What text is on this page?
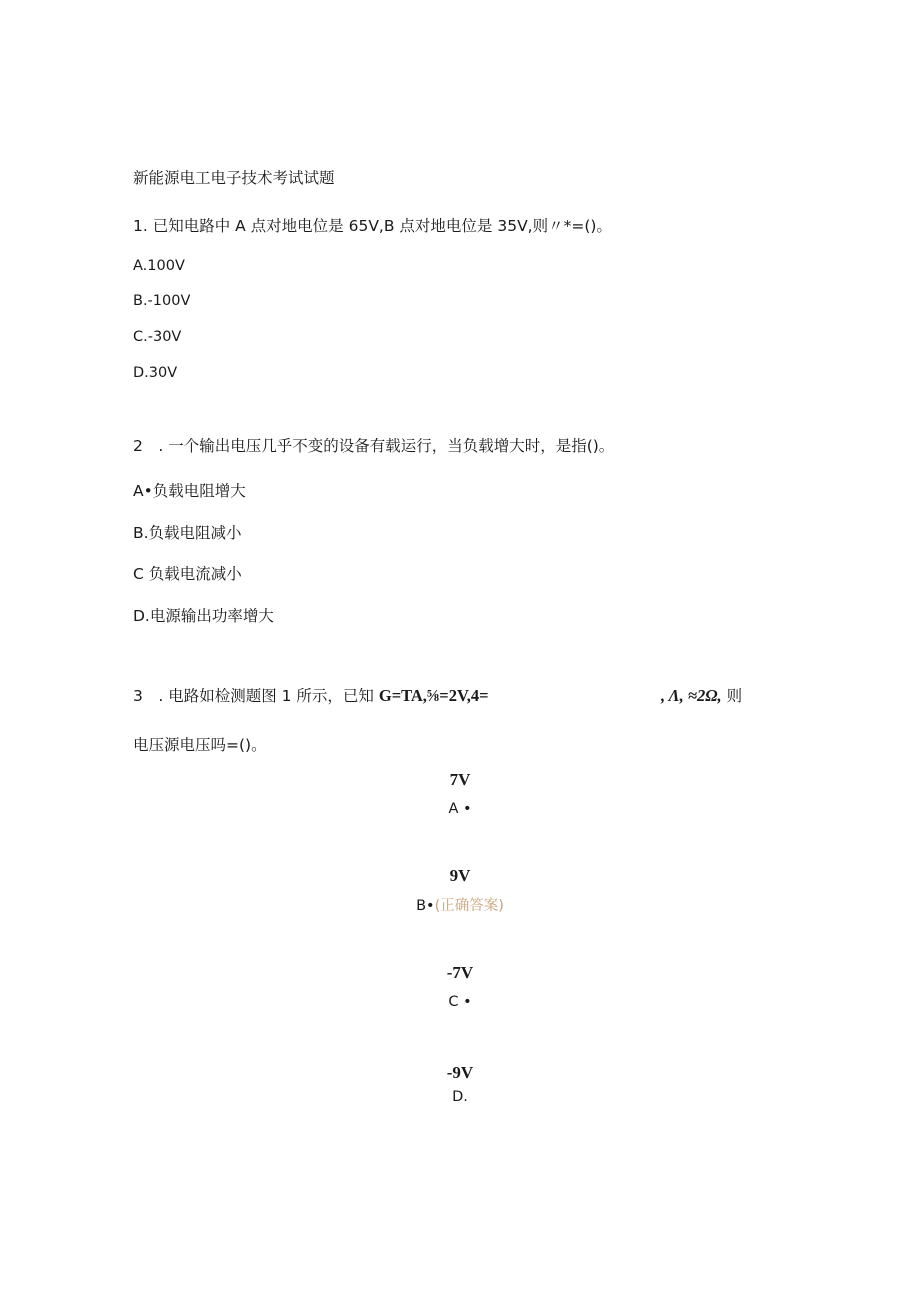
新能源电工电子技术考试试题
1. 已知电路中 A 点对地电位是 65V,B 点对地电位是 35V,则〃*=()。
A.100V
B.-100V
C.-30V
D.30V
2　. 一个输出电压几乎不变的设备有载运行，当负载增大时，是指()。
A•负载电阻增大
B.负载电阻减小
C 负载电流减小
D.电源输出功率增大
3　. 电路如检测题图 1 所示，已知 G=TA,⅝=2V,4=	, Λ, ≈2Ω, 则
电压源电压吗=()。
7V
A •
9V
B•(正确答案)
-7V
C •
-9V
D.
